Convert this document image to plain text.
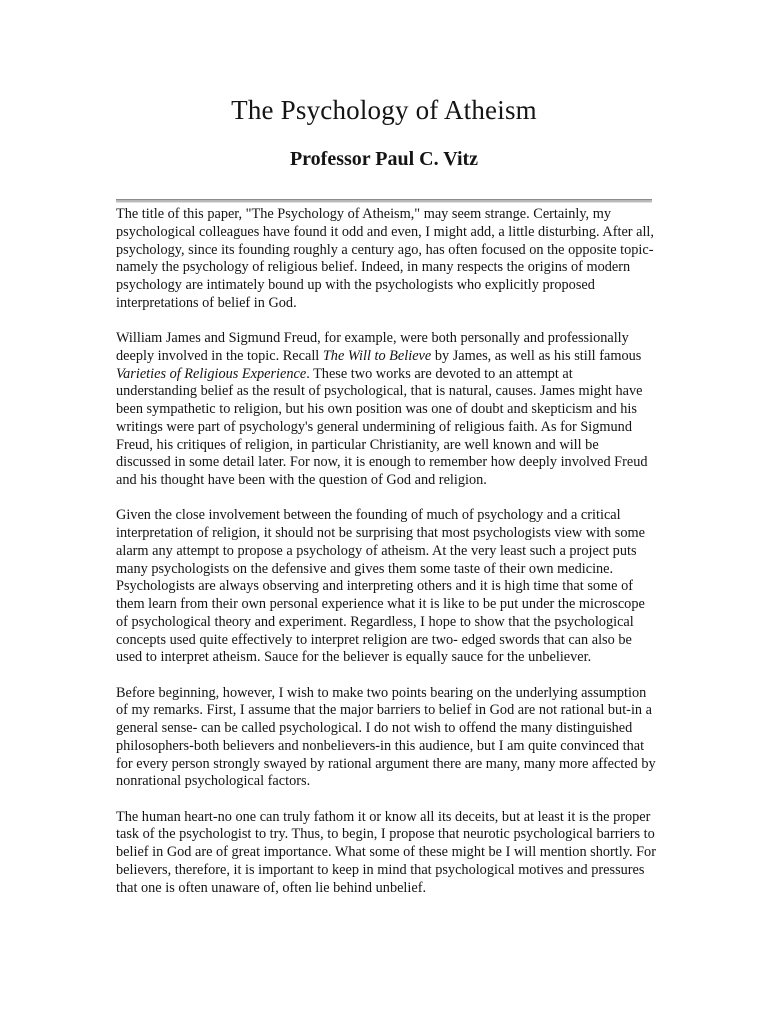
The Psychology of Atheism
Professor Paul C. Vitz

The title of this paper, "The Psychology of Atheism," may seem strange. Certainly, my psychological colleagues have found it odd and even, I might add, a little disturbing. After all, psychology, since its founding roughly a century ago, has often focused on the opposite topic-namely the psychology of religious belief. Indeed, in many respects the origins of modern psychology are intimately bound up with the psychologists who explicitly proposed interpretations of belief in God.

William James and Sigmund Freud, for example, were both personally and professionally deeply involved in the topic. Recall The Will to Believe by James, as well as his still famous Varieties of Religious Experience. These two works are devoted to an attempt at understanding belief as the result of psychological, that is natural, causes. James might have been sympathetic to religion, but his own position was one of doubt and skepticism and his writings were part of psychology's general undermining of religious faith. As for Sigmund Freud, his critiques of religion, in particular Christianity, are well known and will be discussed in some detail later. For now, it is enough to remember how deeply involved Freud and his thought have been with the question of God and religion.

Given the close involvement between the founding of much of psychology and a critical interpretation of religion, it should not be surprising that most psychologists view with some alarm any attempt to propose a psychology of atheism. At the very least such a project puts many psychologists on the defensive and gives them some taste of their own medicine. Psychologists are always observing and interpreting others and it is high time that some of them learn from their own personal experience what it is like to be put under the microscope of psychological theory and experiment. Regardless, I hope to show that the psychological concepts used quite effectively to interpret religion are two- edged swords that can also be used to interpret atheism. Sauce for the believer is equally sauce for the unbeliever.

Before beginning, however, I wish to make two points bearing on the underlying assumption of my remarks. First, I assume that the major barriers to belief in God are not rational but-in a general sense- can be called psychological. I do not wish to offend the many distinguished philosophers-both believers and nonbelievers-in this audience, but I am quite convinced that for every person strongly swayed by rational argument there are many, many more affected by nonrational psychological factors.

The human heart-no one can truly fathom it or know all its deceits, but at least it is the proper task of the psychologist to try. Thus, to begin, I propose that neurotic psychological barriers to belief in God are of great importance. What some of these might be I will mention shortly. For believers, therefore, it is important to keep in mind that psychological motives and pressures that one is often unaware of, often lie behind unbelief.
